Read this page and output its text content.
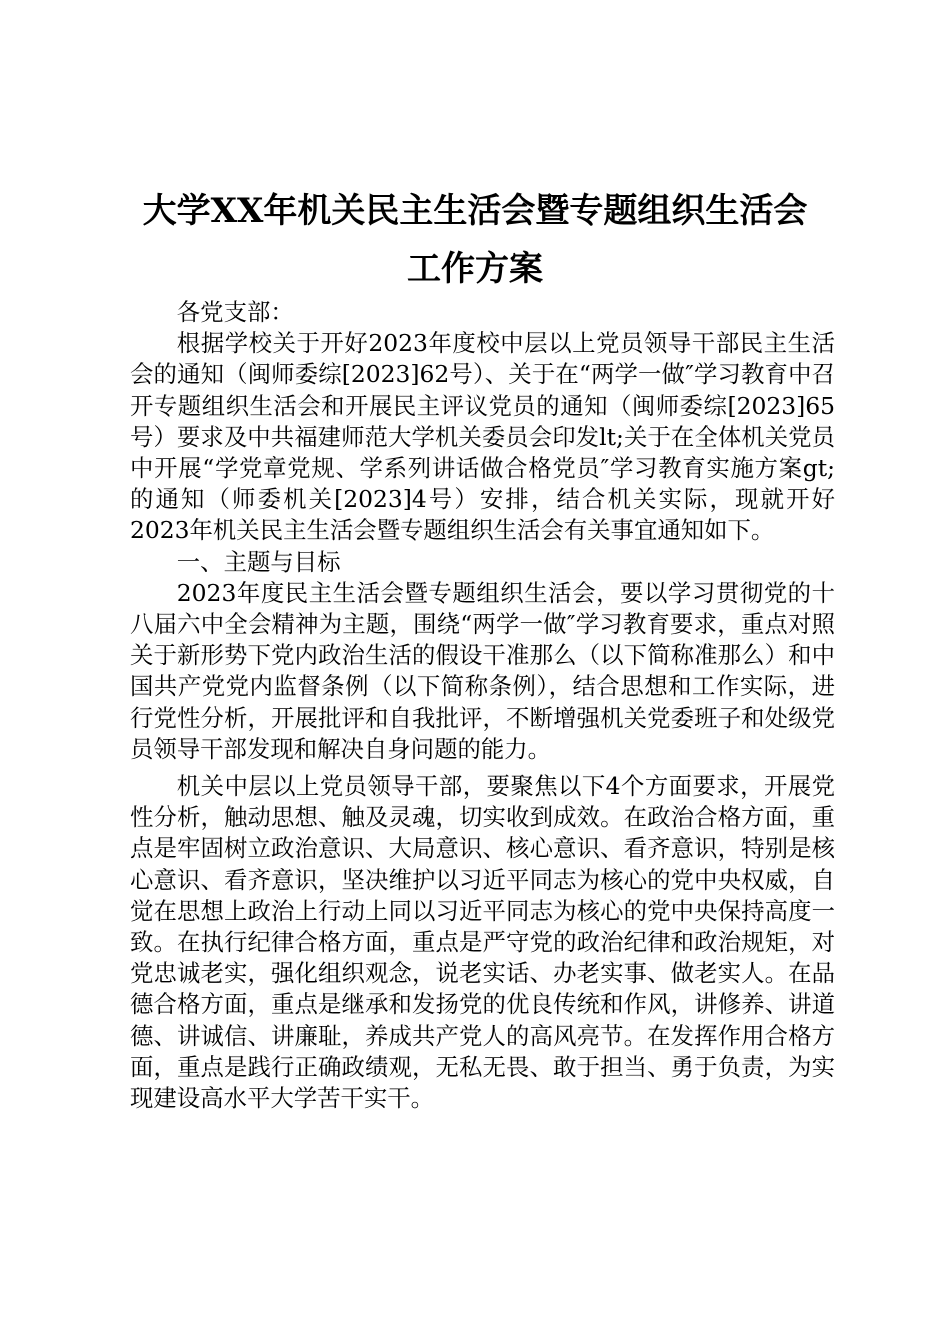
大学XX年机关民主生活会暨专题组织生活会
工作方案

各党支部：

根据学校关于开好2023年度校中层以上党员领导干部民主生活会的通知（闽师委综[2023]62号）、关于在“两学一做″学习教育中召开专题组织生活会和开展民主评议党员的通知（闽师委综[2023]65号）要求及中共福建师范大学机关委员会印发lt;关于在全体机关党员中开展“学党章党规、学系列讲话做合格党员″学习教育实施方案gt;的通知（师委机关[2023]4号）安排，结合机关实际，现就开好2023年机关民主生活会暨专题组织生活会有关事宜通知如下。

一、主题与目标

2023年度民主生活会暨专题组织生活会，要以学习贯彻党的十八届六中全会精神为主题，围绕“两学一做″学习教育要求，重点对照关于新形势下党内政治生活的假设干准那么（以下简称准那么）和中国共产党党内监督条例（以下简称条例），结合思想和工作实际，进行党性分析，开展批评和自我批评，不断增强机关党委班子和处级党员领导干部发现和解决自身问题的能力。

机关中层以上党员领导干部，要聚焦以下4个方面要求，开展党性分析，触动思想、触及灵魂，切实收到成效。在政治合格方面，重点是牢固树立政治意识、大局意识、核心意识、看齐意识，特别是核心意识、看齐意识，坚决维护以习近平同志为核心的党中央权威，自觉在思想上政治上行动上同以习近平同志为核心的党中央保持高度一致。在执行纪律合格方面，重点是严守党的政治纪律和政治规矩，对党忠诚老实，强化组织观念，说老实话、办老实事、做老实人。在品德合格方面，重点是继承和发扬党的优良传统和作风，讲修养、讲道德、讲诚信、讲廉耻，养成共产党人的高风亮节。在发挥作用合格方面，重点是践行正确政绩观，无私无畏、敢于担当、勇于负责，为实现建设高水平大学苦干实干。
